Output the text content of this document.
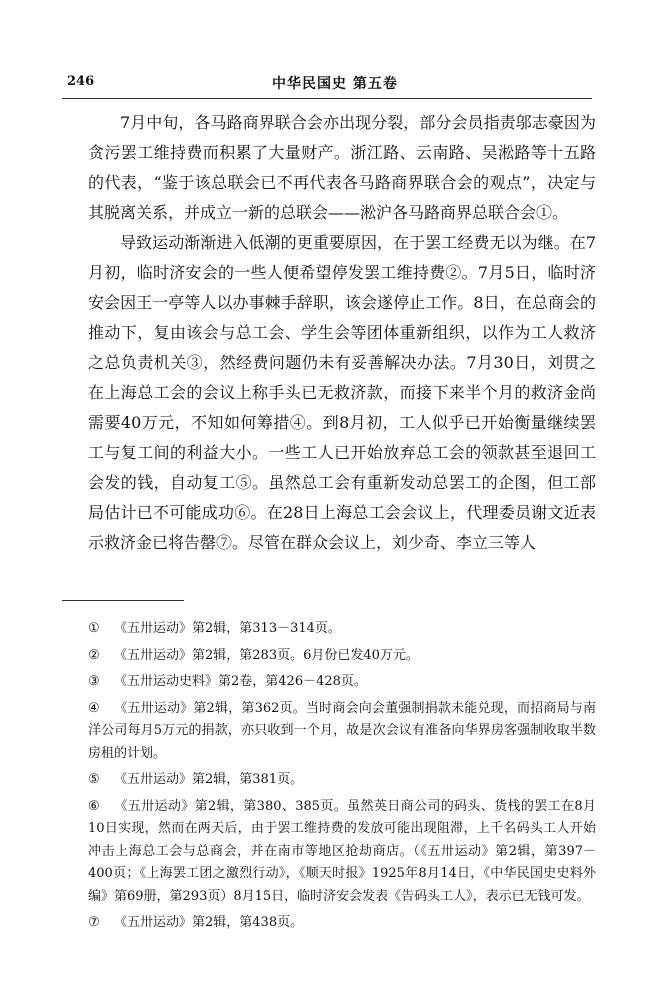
246	中华民国史 第五卷

7月中旬，各马路商界联合会亦出现分裂，部分会员指责邬志豪因为贪污罢工维持费而积累了大量财产。浙江路、云南路、吴淞路等十五路的代表，“鉴于该总联会已不再代表各马路商界联合会的观点”，决定与其脱离关系，并成立一新的总联会——淞沪各马路商界总联合会①。

导致运动渐渐进入低潮的更重要原因，在于罢工经费无以为继。在7月初，临时济安会的一些人便希望停发罢工维持费②。7月5日，临时济安会因王一亭等人以办事棘手辞职，该会遂停止工作。8日，在总商会的推动下，复由该会与总工会、学生会等团体重新组织，以作为工人救济之总负责机关③，然经费问题仍未有妥善解决办法。7月30日，刘贯之在上海总工会的会议上称手头已无救济款，而接下来半个月的救济金尚需要40万元，不知如何筹措④。到8月初，工人似乎已开始衡量继续罢工与复工间的利益大小。一些工人已开始放弃总工会的领款甚至退回工会发的钱，自动复工⑤。虽然总工会有重新发动总罢工的企图，但工部局估计已不可能成功⑥。在28日上海总工会会议上，代理委员谢文近表示救济金已将告罄⑦。尽管在群众会议上，刘少奇、李立三等人

① 《五卅运动》第2辑，第313－314页。

② 《五卅运动》第2辑，第283页。6月份已发40万元。

③ 《五卅运动史料》第2卷，第426－428页。

④ 《五卅运动》第2辑，第362页。当时商会向会董强制捐款未能兑现，而招商局与南洋公司每月5万元的捐款，亦只收到一个月，故是次会议有准备向华界房客强制收取半数房租的计划。

⑤ 《五卅运动》第2辑，第381页。

⑥ 《五卅运动》第2辑，第380、385页。虽然英日商公司的码头、货栈的罢工在8月10日实现，然而在两天后，由于罢工维持费的发放可能出现阻滞，上千名码头工人开始冲击上海总工会与总商会，并在南市等地区抢劫商店。（《五卅运动》第2辑，第397－400页；《上海罢工团之激烈行动》，《顺天时报》1925年8月14日，《中华民国史史料外编》第69册，第293页）8月15日，临时济安会发表《告码头工人》，表示已无钱可发。

⑦ 《五卅运动》第2辑，第438页。
